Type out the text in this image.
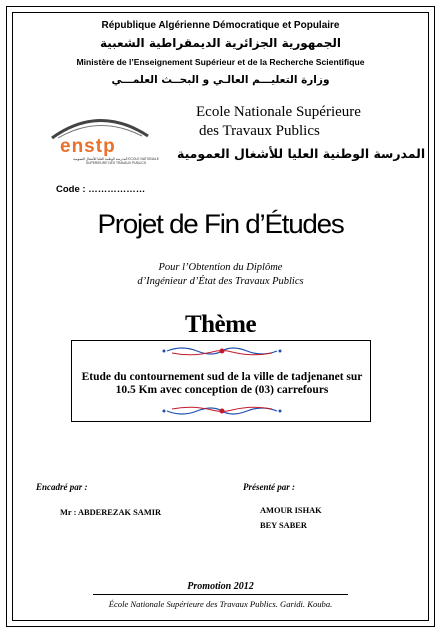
République Algérienne Démocratique et Populaire
الجمهورية الجزائرية الديمقراطية الشعبية
Ministère de l’Enseignement Supérieur et de la Recherche Scientifique
وزارة التعليـــم العالـي و البحــث العلمـــي
enstp
المدرسة الوطنية العليا للأشغال العمومية ECOLE NATIONALE SUPERIEURE DES TRAVAUX PUBLICS
Ecole Nationale Supérieure
des Travaux Publics
المدرسة الوطنية العليا للأشغال العمومية
Code : ………………
Projet de Fin d’Études
Pour l’Obtention du Diplôme
d’Ingénieur d’État des Travaux Publics
Thème
Etude du contournement sud de la ville de tadjenanet sur 10.5 Km avec conception de (03) carrefours
Encadré par :	Présenté par :
Mr : ABDEREZAK SAMIR	AMOUR ISHAK
BEY SABER
Promotion 2012
École Nationale Supérieure des Travaux Publics. Garidi. Kouba.
